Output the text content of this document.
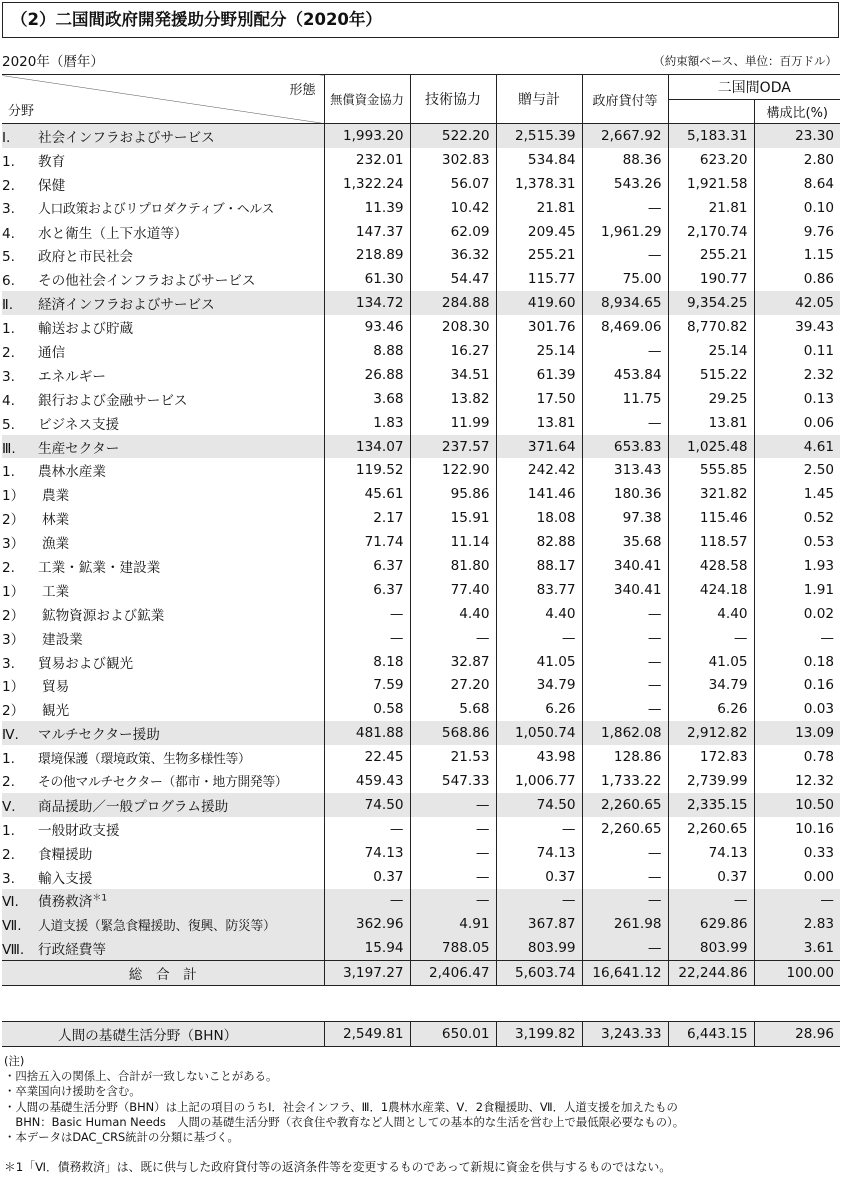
（2）二国間政府開発援助分野別配分（2020年）
2020年（暦年）	（約束額ベース、単位：百万ドル）
形態
分野	無償資金協力	技術協力	贈与計	政府貸付等	二国間ODA	
						構成比(%)
Ⅰ. 社会インフラおよびサービス	1,993.20	522.20	2,515.39	2,667.92	5,183.31	23.30
1. 教育	232.01	302.83	534.84	88.36	623.20	2.80
2. 保健	1,322.24	56.07	1,378.31	543.26	1,921.58	8.64
3. 人口政策およびリプロダクティブ・ヘルス	11.39	10.42	21.81	—	21.81	0.10
4. 水と衛生（上下水道等）	147.37	62.09	209.45	1,961.29	2,170.74	9.76
5. 政府と市民社会	218.89	36.32	255.21	—	255.21	1.15
6. その他社会インフラおよびサービス	61.30	54.47	115.77	75.00	190.77	0.86
Ⅱ. 経済インフラおよびサービス	134.72	284.88	419.60	8,934.65	9,354.25	42.05
1. 輸送および貯蔵	93.46	208.30	301.76	8,469.06	8,770.82	39.43
2. 通信	8.88	16.27	25.14	—	25.14	0.11
3. エネルギー	26.88	34.51	61.39	453.84	515.22	2.32
4. 銀行および金融サービス	3.68	13.82	17.50	11.75	29.25	0.13
5. ビジネス支援	1.83	11.99	13.81	—	13.81	0.06
Ⅲ. 生産セクター	134.07	237.57	371.64	653.83	1,025.48	4.61
1. 農林水産業	119.52	122.90	242.42	313.43	555.85	2.50
1） 農業	45.61	95.86	141.46	180.36	321.82	1.45
2） 林業	2.17	15.91	18.08	97.38	115.46	0.52
3） 漁業	71.74	11.14	82.88	35.68	118.57	0.53
2. 工業・鉱業・建設業	6.37	81.80	88.17	340.41	428.58	1.93
1） 工業	6.37	77.40	83.77	340.41	424.18	1.91
2） 鉱物資源および鉱業	—	4.40	4.40	—	4.40	0.02
3） 建設業	—	—	—	—	—	—
3. 貿易および観光	8.18	32.87	41.05	—	41.05	0.18
1） 貿易	7.59	27.20	34.79	—	34.79	0.16
2） 観光	0.58	5.68	6.26	—	6.26	0.03
Ⅳ. マルチセクター援助	481.88	568.86	1,050.74	1,862.08	2,912.82	13.09
1. 環境保護（環境政策、生物多様性等）	22.45	21.53	43.98	128.86	172.83	0.78
2. その他マルチセクター（都市・地方開発等）	459.43	547.33	1,006.77	1,733.22	2,739.99	12.32
Ⅴ. 商品援助／一般プログラム援助	74.50	—	74.50	2,260.65	2,335.15	10.50
1. 一般財政支援	—	—	—	2,260.65	2,260.65	10.16
2. 食糧援助	74.13	—	74.13	—	74.13	0.33
3. 輸入支援	0.37	—	0.37	—	0.37	0.00
Ⅵ. 債務救済$^{*1}$	—	—	—	—	—	—
Ⅶ. 人道支援（緊急食糧援助、復興、防災等）	362.96	4.91	367.87	261.98	629.86	2.83
Ⅷ. 行政経費等	15.94	788.05	803.99	—	803.99	3.61
総　合　計	3,197.27	2,406.47	5,603.74	16,641.12	22,244.86	100.00
人間の基礎生活分野（BHN）	2,549.81	650.01	3,199.82	3,243.33	6,443.15	28.96
(注)
・四捨五入の関係上、合計が一致しないことがある。
・卒業国向け援助を含む。
・人間の基礎生活分野（BHN）は上記の項目のうちⅠ．社会インフラ、Ⅲ．1農林水産業、Ⅴ．2食糧援助、Ⅶ．人道支援を加えたもの
　BHN：Basic Human Needs　人間の基礎生活分野（衣食住や教育など人間としての基本的な生活を営む上で最低限必要なもの）。
・本データはDAC_CRS統計の分類に基づく。
＊1「Ⅵ．債務救済」は、既に供与した政府貸付等の返済条件等を変更するものであって新規に資金を供与するものではない。
